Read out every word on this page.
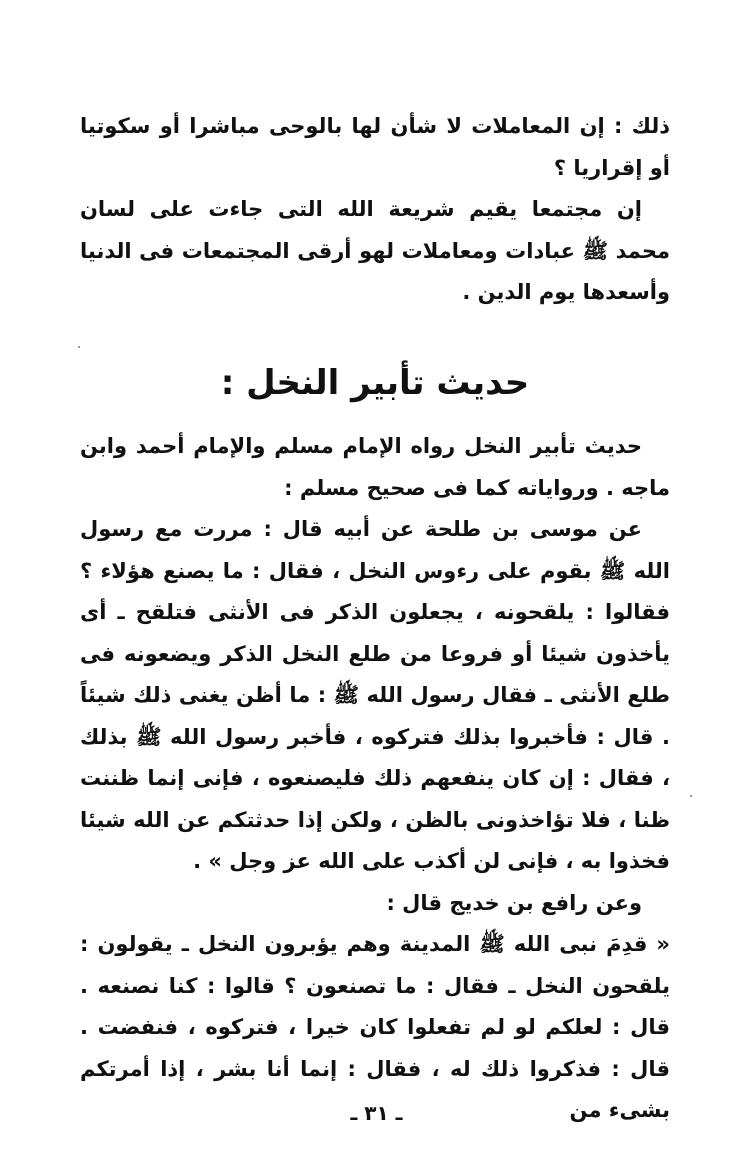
ذلك : إن المعاملات لا شأن لها بالوحى مباشرا أو سكوتيا أو إقراريا ؟

إن مجتمعا يقيم شريعة الله التى جاءت على لسان محمد ﷺ عبادات ومعاملات لهو أرقى المجتمعات فى الدنيا وأسعدها يوم الدين .

حديث تأبير النخل :

حديث تأبير النخل رواه الإمام مسلم والإمام أحمد وابن ماجه . ورواياته كما فى صحيح مسلم :

عن موسى بن طلحة عن أبيه قال : مررت مع رسول الله ﷺ بقوم على رءوس النخل ، فقال : ما يصنع هؤلاء ؟ فقالوا : يلقحونه ، يجعلون الذكر فى الأنثى فتلقح ـ أى يأخذون شيئا أو فروعا من طلع النخل الذكر ويضعونه فى طلع الأنثى ـ فقال رسول الله ﷺ : ما أظن يغنى ذلك شيئاً . قال : فأخبروا بذلك فتركوه ، فأخبر رسول الله ﷺ بذلك ، فقال : إن كان ينفعهم ذلك فليصنعوه ، فإنى إنما ظننت ظنا ، فلا تؤاخذونى بالظن ، ولكن إذا حدثتكم عن الله شيئا فخذوا به ، فإنى لن أكذب على الله عز وجل » .

وعن رافع بن خديج قال :

« قدِمَ نبى الله ﷺ المدينة وهم يؤبرون النخل ـ يقولون : يلقحون النخل ـ فقال : ما تصنعون ؟ قالوا : كنا نصنعه . قال : لعلكم لو لم تفعلوا كان خيرا ، فتركوه ، فنفضت . قال : فذكروا ذلك له ، فقال : إنما أنا بشر ، إذا أمرتكم بشىء من

ـ ٣١ ـ
